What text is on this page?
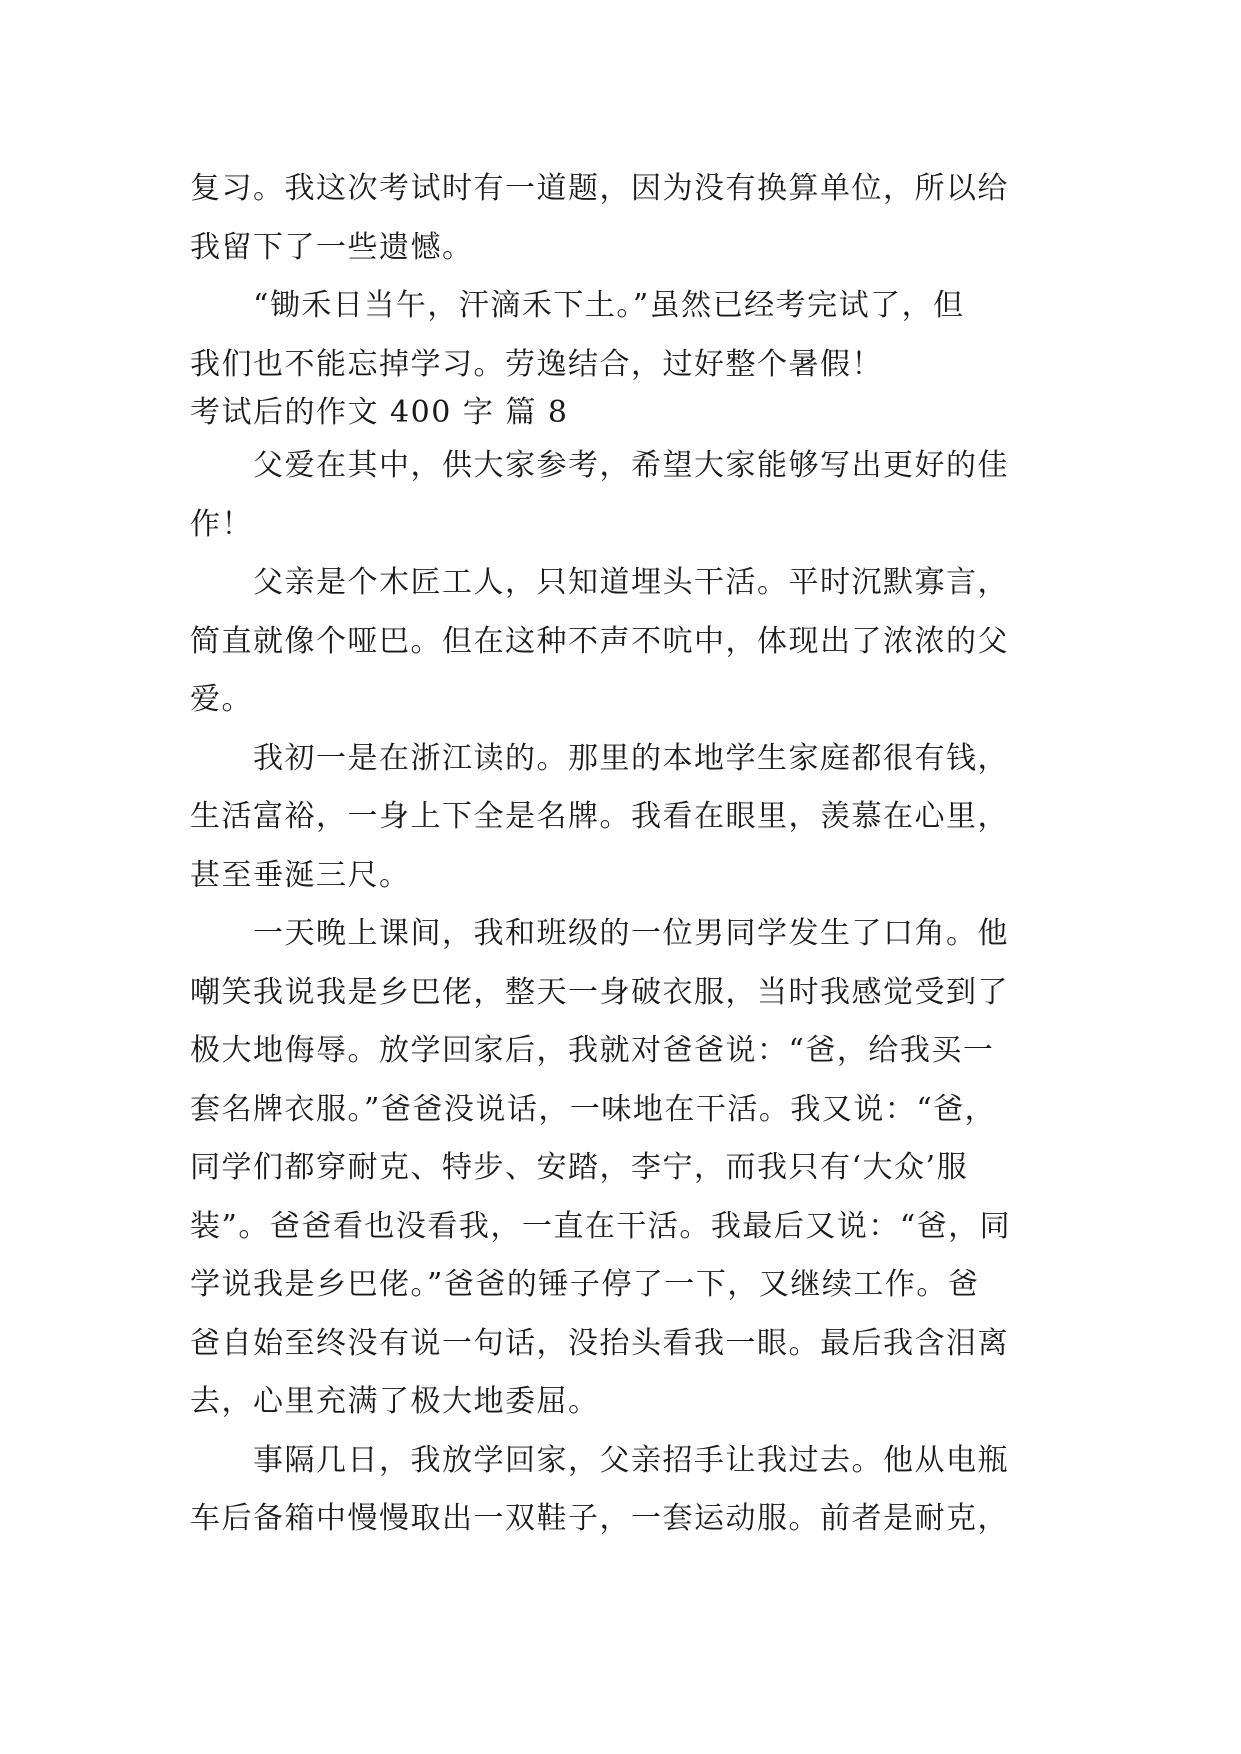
复习。我这次考试时有一道题，因为没有换算单位，所以给
我留下了一些遗憾。
　　“锄禾日当午，汗滴禾下土。”虽然已经考完试了，但
我们也不能忘掉学习。劳逸结合，过好整个暑假！
考试后的作文 400 字 篇 8
　　父爱在其中，供大家参考，希望大家能够写出更好的佳
作！
　　父亲是个木匠工人，只知道埋头干活。平时沉默寡言，
简直就像个哑巴。但在这种不声不吭中，体现出了浓浓的父
爱。
　　我初一是在浙江读的。那里的本地学生家庭都很有钱，
生活富裕，一身上下全是名牌。我看在眼里，羡慕在心里，
甚至垂涎三尺。
　　一天晚上课间，我和班级的一位男同学发生了口角。他
嘲笑我说我是乡巴佬，整天一身破衣服，当时我感觉受到了
极大地侮辱。放学回家后，我就对爸爸说：“爸，给我买一
套名牌衣服。”爸爸没说话，一味地在干活。我又说：“爸，
同学们都穿耐克、特步、安踏，李宁，而我只有‘大众’服
装”。爸爸看也没看我，一直在干活。我最后又说：“爸，同
学说我是乡巴佬。”爸爸的锤子停了一下，又继续工作。爸
爸自始至终没有说一句话，没抬头看我一眼。最后我含泪离
去，心里充满了极大地委屈。
　　事隔几日，我放学回家，父亲招手让我过去。他从电瓶
车后备箱中慢慢取出一双鞋子，一套运动服。前者是耐克，
